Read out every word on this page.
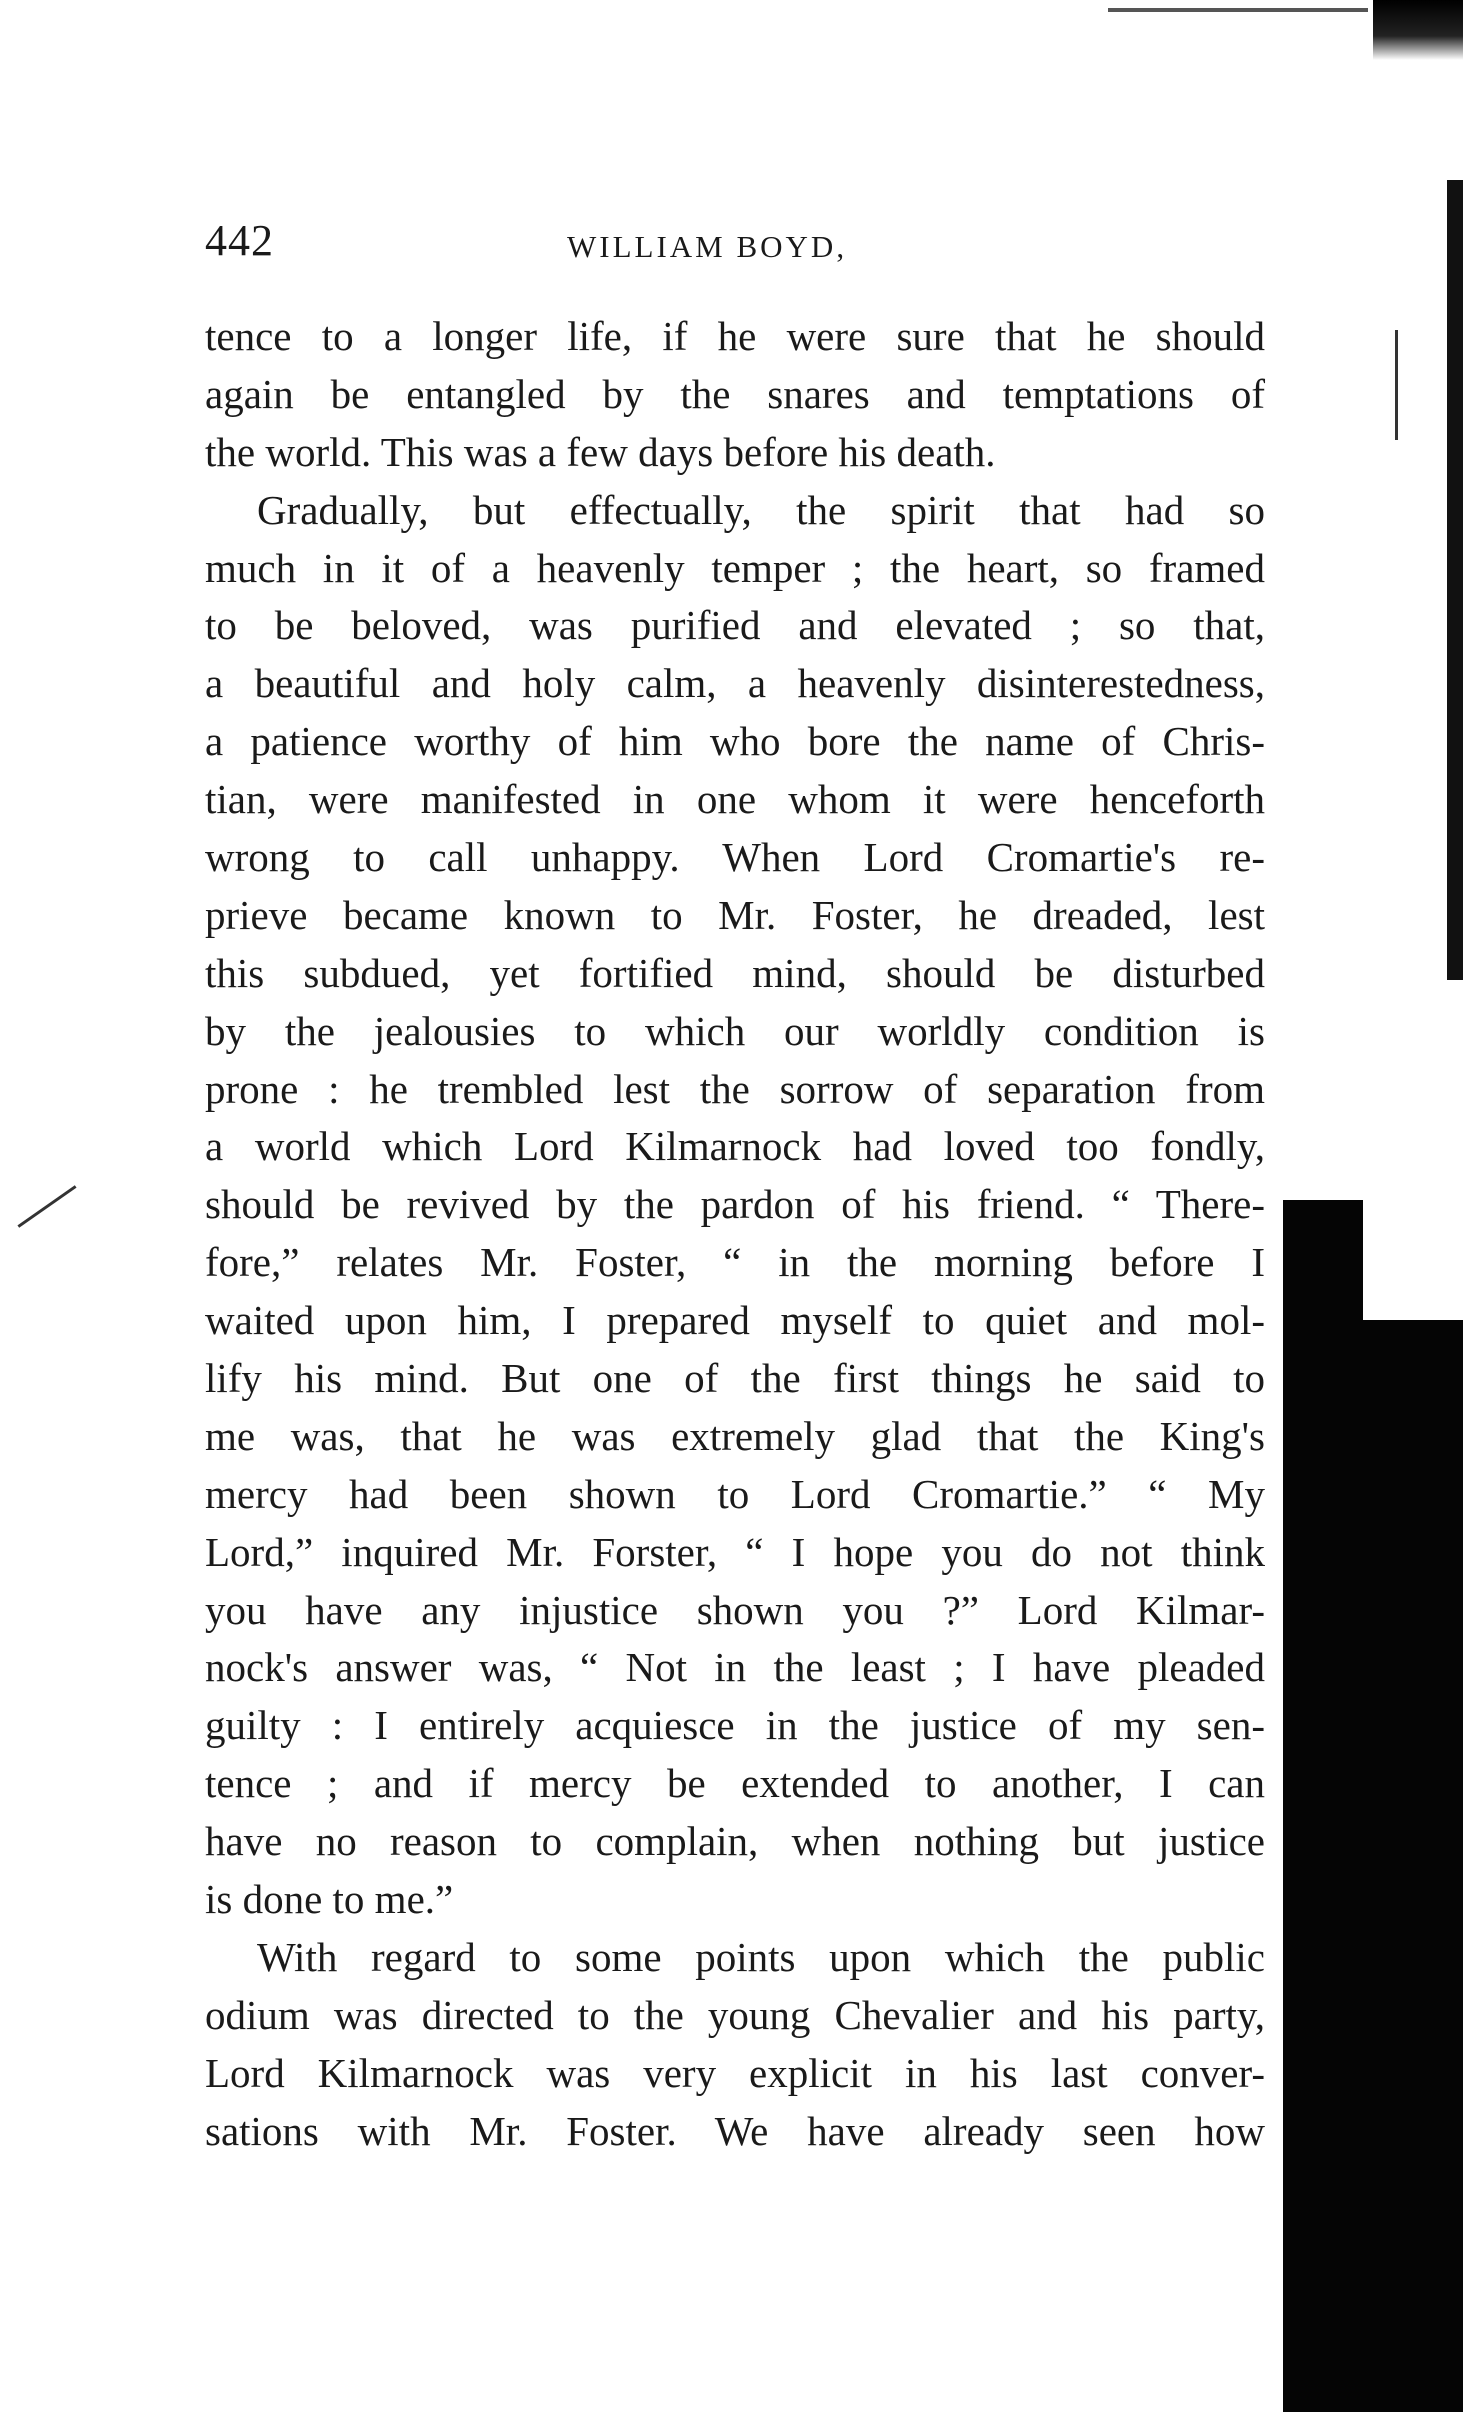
442	WILLIAM BOYD,
tence to a longer life, if he were sure that he should
again be entangled by the snares and temptations of
the world. This was a few days before his death.
Gradually, but effectually, the spirit that had so
much in it of a heavenly temper ; the heart, so framed
to be beloved, was purified and elevated ; so that,
a beautiful and holy calm, a heavenly disinterestedness,
a patience worthy of him who bore the name of Chris-
tian, were manifested in one whom it were henceforth
wrong to call unhappy. When Lord Cromartie's re-
prieve became known to Mr. Foster, he dreaded, lest
this subdued, yet fortified mind, should be disturbed
by the jealousies to which our worldly condition is
prone : he trembled lest the sorrow of separation from
a world which Lord Kilmarnock had loved too fondly,
should be revived by the pardon of his friend. “ There-
fore,” relates Mr. Foster, “ in the morning before I
waited upon him, I prepared myself to quiet and mol-
lify his mind. But one of the first things he said to
me was, that he was extremely glad that the King's
mercy had been shown to Lord Cromartie.” “ My
Lord,” inquired Mr. Forster, “ I hope you do not think
you have any injustice shown you ?” Lord Kilmar-
nock's answer was, “ Not in the least ; I have pleaded
guilty : I entirely acquiesce in the justice of my sen-
tence ; and if mercy be extended to another, I can
have no reason to complain, when nothing but justice
is done to me.”
With regard to some points upon which the public
odium was directed to the young Chevalier and his party,
Lord Kilmarnock was very explicit in his last conver-
sations with Mr. Foster. We have already seen how
